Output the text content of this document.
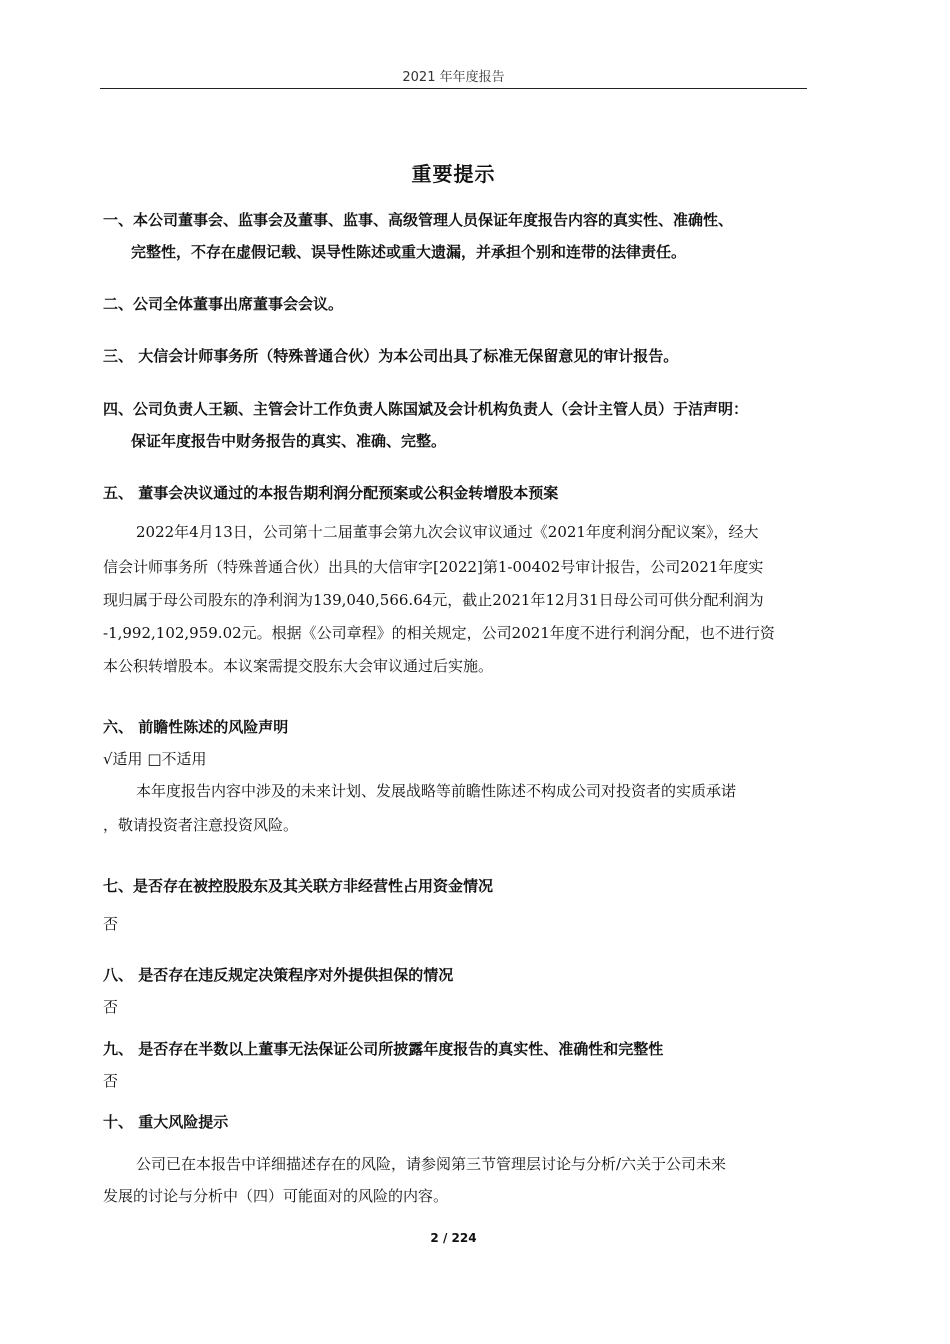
2021 年年度报告
重要提示
一、本公司董事会、监事会及董事、监事、高级管理人员保证年度报告内容的真实性、准确性、
完整性，不存在虚假记载、误导性陈述或重大遗漏，并承担个别和连带的法律责任。
二、公司全体董事出席董事会会议。
三、 大信会计师事务所（特殊普通合伙）为本公司出具了标准无保留意见的审计报告。
四、公司负责人王颖、主管会计工作负责人陈国斌及会计机构负责人（会计主管人员）于洁声明：
保证年度报告中财务报告的真实、准确、完整。
五、 董事会决议通过的本报告期利润分配预案或公积金转增股本预案
2022年4月13日，公司第十二届董事会第九次会议审议通过《2021年度利润分配议案》，经大
信会计师事务所（特殊普通合伙）出具的大信审字[2022]第1-00402号审计报告，公司2021年度实
现归属于母公司股东的净利润为139,040,566.64元，截止2021年12月31日母公司可供分配利润为
-1,992,102,959.02元。根据《公司章程》的相关规定，公司2021年度不进行利润分配，也不进行资
本公积转增股本。本议案需提交股东大会审议通过后实施。
六、 前瞻性陈述的风险声明
√适用 □不适用
本年度报告内容中涉及的未来计划、发展战略等前瞻性陈述不构成公司对投资者的实质承诺
，敬请投资者注意投资风险。
七、是否存在被控股股东及其关联方非经营性占用资金情况
否
八、 是否存在违反规定决策程序对外提供担保的情况
否
九、 是否存在半数以上董事无法保证公司所披露年度报告的真实性、准确性和完整性
否
十、 重大风险提示
公司已在本报告中详细描述存在的风险，请参阅第三节管理层讨论与分析/六关于公司未来
发展的讨论与分析中（四）可能面对的风险的内容。
2 / 224
